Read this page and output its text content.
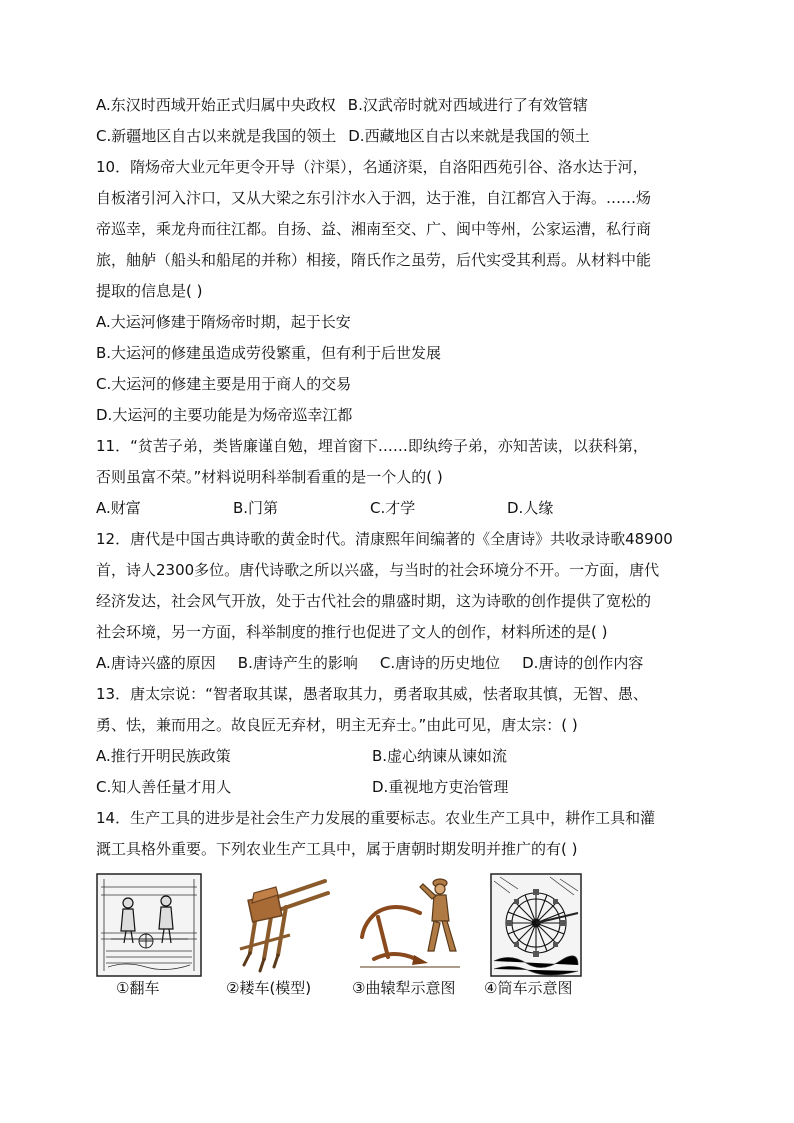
A.东汉时西域开始正式归属中央政权 B.汉武帝时就对西域进行了有效管辖
C.新疆地区自古以来就是我国的领土 D.西藏地区自古以来就是我国的领土
10．隋炀帝大业元年更令开导（汴渠），名通济渠，自洛阳西苑引谷、洛水达于河，
自板渚引河入汴口，又从大梁之东引汴水入于泗，达于淮，自江都宫入于海。……炀
帝巡幸，乘龙舟而往江都。自扬、益、湘南至交、广、闽中等州，公家运漕，私行商
旅，舳舻（船头和船尾的并称）相接，隋氏作之虽劳，后代实受其利焉。从材料中能
提取的信息是( )
A.大运河修建于隋炀帝时期，起于长安
B.大运河的修建虽造成劳役繁重，但有利于后世发展
C.大运河的修建主要是用于商人的交易
D.大运河的主要功能是为炀帝巡幸江都
11．“贫苦子弟，类皆廉谨自勉，埋首窗下……即纨绔子弟，亦知苦读，以获科第，
否则虽富不荣。”材料说明科举制看重的是一个人的( )
A.财富	B.门第	C.才学	D.人缘
12．唐代是中国古典诗歌的黄金时代。清康熙年间编著的《全唐诗》共收录诗歌48900
首，诗人2300多位。唐代诗歌之所以兴盛，与当时的社会环境分不开。一方面，唐代
经济发达，社会风气开放，处于古代社会的鼎盛时期，这为诗歌的创作提供了宽松的
社会环境，另一方面，科举制度的推行也促进了文人的创作，材料所述的是( )
A.唐诗兴盛的原因 B.唐诗产生的影响 C.唐诗的历史地位 D.唐诗的创作内容
13．唐太宗说：“智者取其谋，愚者取其力，勇者取其威，怯者取其慎，无智、愚、
勇、怯，兼而用之。故良匠无弃材，明主无弃士。”由此可见，唐太宗：( )
A.推行开明民族政策	B.虚心纳谏从谏如流
C.知人善任量才用人	D.重视地方吏治管理
14．生产工具的进步是社会生产力发展的重要标志。农业生产工具中，耕作工具和灌
溉工具格外重要。下列农业生产工具中，属于唐朝时期发明并推广的有( )
①翻车	②耧车(模型)	③曲辕犁示意图 ④筒车示意图
